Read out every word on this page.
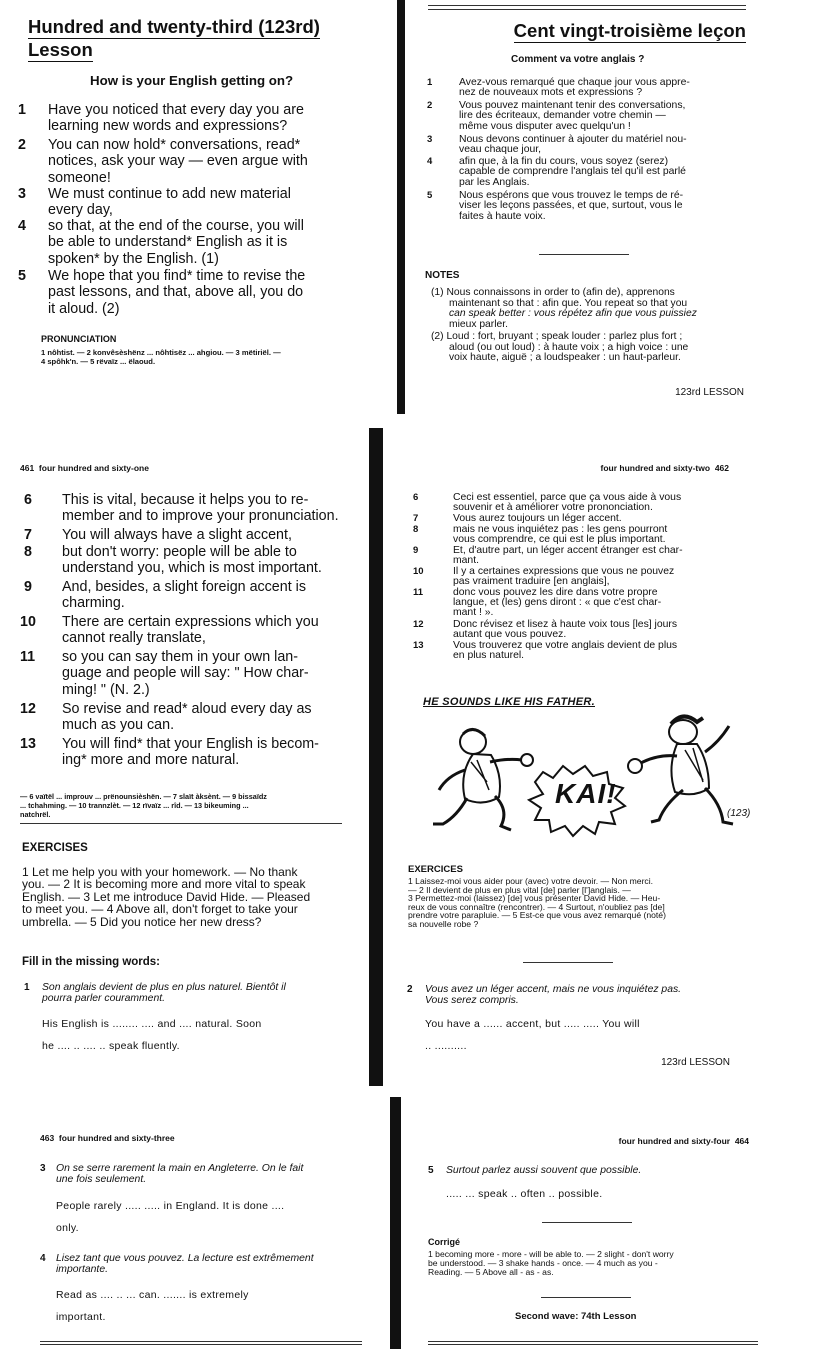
Hundred and twenty-third (123rd)
Lesson
How is your English getting on?
1	Have you noticed that every day you are
learning new words and expressions?
2	You can now hold* conversations, read*
notices, ask your way — even argue with
someone!
3	We must continue to add new material
every day,
4	so that, at the end of the course, you will
be able to understand* English as it is
spoken* by the English. (1)
5	We hope that you find* time to revise the
past lessons, and that, above all, you do
it aloud. (2)
PRONUNCIATION
1 nôhtist. — 2 konvêsèshënz ... nôhtisëz ... ahgiou. — 3 mëtiriël. —
4 spôhk'n. — 5 rëvaïz ... ëlaoud.
Cent vingt-troisième leçon
Comment va votre anglais ?
1	Avez-vous remarqué que chaque jour vous appre-
nez de nouveaux mots et expressions ?
2	Vous pouvez maintenant tenir des conversations,
lire des écriteaux, demander votre chemin —
même vous disputer avec quelqu'un !
3	Nous devons continuer à ajouter du matériel nou-
veau chaque jour,
4	afin que, à la fin du cours, vous soyez (serez)
capable de comprendre l'anglais tel qu'il est parlé
par les Anglais.
5	Nous espérons que vous trouvez le temps de ré-
viser les leçons passées, et que, surtout, vous le
faites à haute voix.
NOTES
(1) Nous connaissons in order to (afin de), apprenons
maintenant so that : afin que. You repeat so that you
can speak better : vous répétez afin que vous puissiez
mieux parler.
(2) Loud : fort, bruyant ; speak louder : parlez plus fort ;
aloud (ou out loud) : à haute voix ; a high voice : une
voix haute, aiguë ; a loudspeaker : un haut-parleur.
123rd LESSON
461 four hundred and sixty-one
6	This is vital, because it helps you to re-
member and to improve your pronunciation.
7	You will always have a slight accent,
8	but don't worry: people will be able to
understand you, which is most important.
9	And, besides, a slight foreign accent is
charming.
10	There are certain expressions which you
cannot really translate,
11	so you can say them in your own lan-
guage and people will say: " How char-
ming! " (N. 2.)
12	So revise and read* aloud every day as
much as you can.
13	You will find* that your English is becom-
ing* more and more natural.
— 6 vaïtël ... improuv ... prënounsièshën. — 7 slaït àksènt. — 9 bissaïdz
... tchahming. — 10 trannzlèt. — 12 rïvaïz ... rîd. — 13 bikeuming ...
natchrël.
EXERCISES
1 Let me help you with your homework. — No thank
you. — 2 It is becoming more and more vital to speak
English. — 3 Let me introduce David Hide. — Pleased
to meet you. — 4 Above all, don't forget to take your
umbrella. — 5 Did you notice her new dress?
Fill in the missing words:
1 Son anglais devient de plus en plus naturel. Bientôt il
pourra parler couramment.
His English is ........ .... and .... natural. Soon
he .... .. .... .. speak fluently.
four hundred and sixty-two 462
6	Ceci est essentiel, parce que ça vous aide à vous
souvenir et à améliorer votre prononciation.
7	Vous aurez toujours un léger accent.
8	mais ne vous inquiétez pas : les gens pourront
vous comprendre, ce qui est le plus important.
9	Et, d'autre part, un léger accent étranger est char-
mant.
10	Il y a certaines expressions que vous ne pouvez
pas vraiment traduire [en anglais],
11	donc vous pouvez les dire dans votre propre
langue, et (les) gens diront : « que c'est char-
mant ! ».
12	Donc révisez et lisez à haute voix tous [les] jours
autant que vous pouvez.
13	Vous trouverez que votre anglais devient de plus
en plus naturel.
HE SOUNDS LIKE HIS FATHER.
KAI!
(123)
EXERCICES
1 Laissez-moi vous aider pour (avec) votre devoir. — Non merci.
— 2 Il devient de plus en plus vital [de] parler [l']anglais. —
3 Permettez-moi (laissez) [de] vous présenter David Hide. — Heu-
reux de vous connaître (rencontrer). — 4 Surtout, n'oubliez pas [de]
prendre votre parapluie. — 5 Est-ce que vous avez remarqué (noté)
sa nouvelle robe ?
2 Vous avez un léger accent, mais ne vous inquiétez pas.
Vous serez compris.
You have a ...... accent, but ..... ..... You will
.. ..........
123rd LESSON
463 four hundred and sixty-three
3 On se serre rarement la main en Angleterre. On le fait
une fois seulement.
People rarely ..... ..... in England. It is done ....
only.
4 Lisez tant que vous pouvez. La lecture est extrêmement
importante.
Read as .... .. ... can. ....... is extremely
important.
four hundred and sixty-four 464
5 Surtout parlez aussi souvent que possible.
..... ... speak .. often .. possible.
Corrigé
1 becoming more - more - will be able to. — 2 slight - don't worry
be understood. — 3 shake hands - once. — 4 much as you -
Reading. — 5 Above all - as - as.
Second wave: 74th Lesson
